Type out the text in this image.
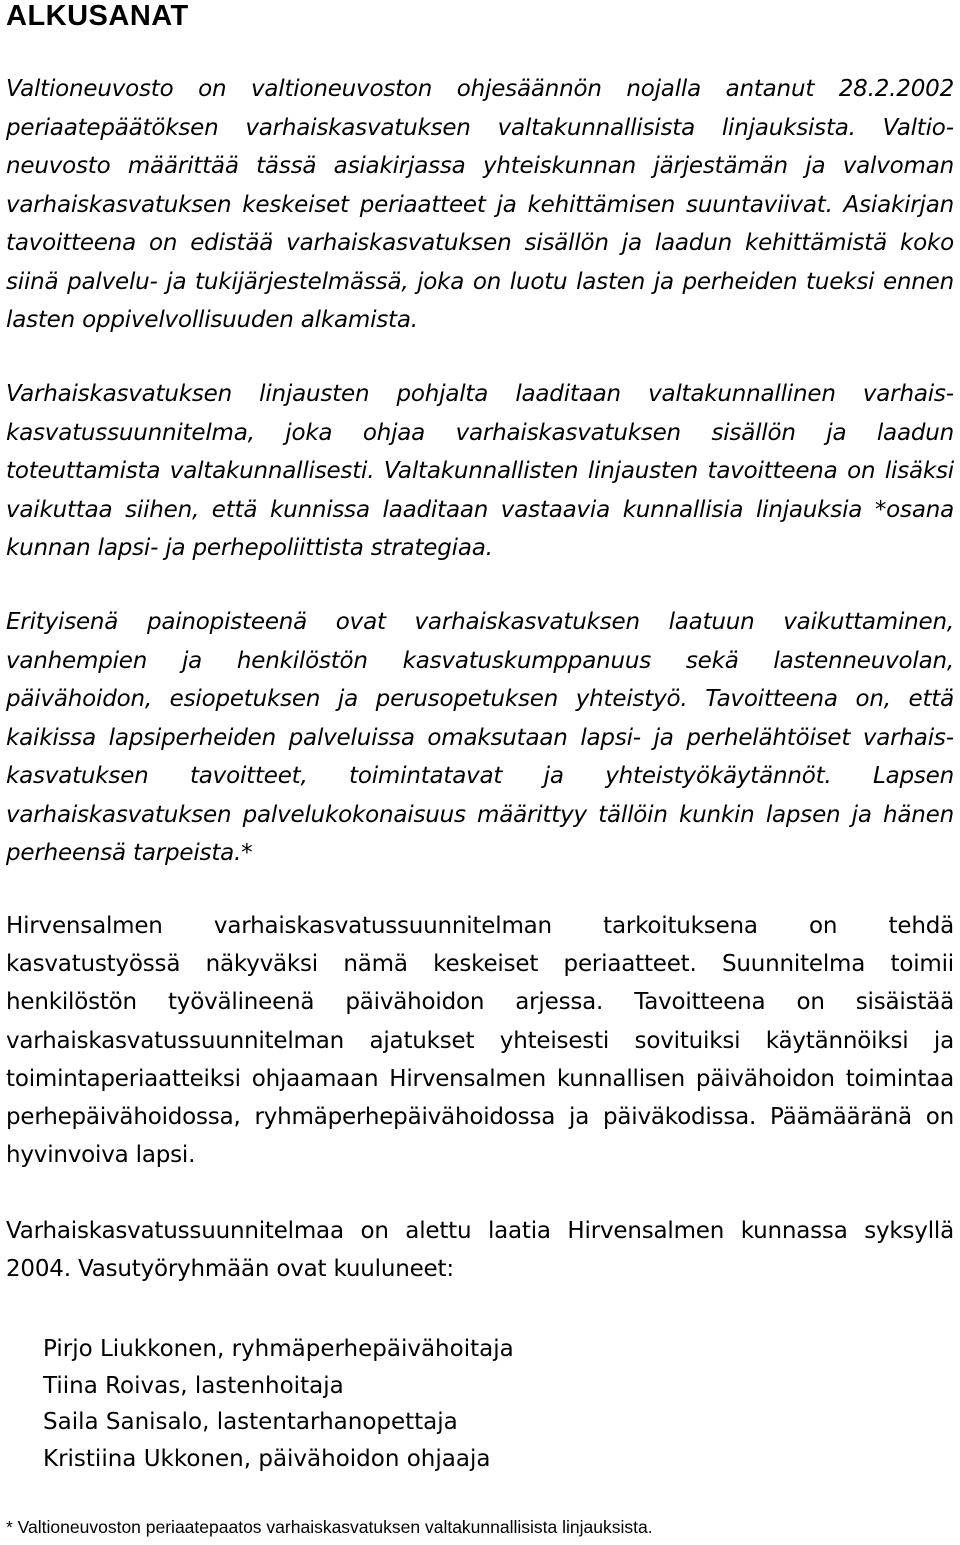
ALKUSANAT

Valtioneuvosto on valtioneuvoston ohjesäännön nojalla antanut 28.2.2002 periaatepäätöksen varhaiskasvatuksen valtakunnallisista linjauksista. Valtioneuvosto määrittää tässä asiakirjassa yhteiskunnan järjestämän ja valvoman varhaiskasvatuksen keskeiset periaatteet ja kehittämisen suuntaviivat. Asiakirjan tavoitteena on edistää varhaiskasvatuksen sisällön ja laadun kehittämistä koko siinä palvelu- ja tukijärjestelmässä, joka on luotu lasten ja perheiden tueksi ennen lasten oppivelvollisuuden alkamista.

Varhaiskasvatuksen linjausten pohjalta laaditaan valtakunnallinen varhaiskasvatussuunnitelma, joka ohjaa varhaiskasvatuksen sisällön ja laadun toteuttamista valtakunnallisesti. Valtakunnallisten linjausten tavoitteena on lisäksi vaikuttaa siihen, että kunnissa laaditaan vastaavia kunnallisia linjauksia *osana kunnan lapsi- ja perhepoliittista strategiaa.

Erityisenä painopisteenä ovat varhaiskasvatuksen laatuun vaikuttaminen, vanhempien ja henkilöstön kasvatuskumppanuus sekä lastenneuvolan, päivähoidon, esiopetuksen ja perusopetuksen yhteistyö. Tavoitteena on, että kaikissa lapsiperheiden palveluissa omaksutaan lapsi- ja perhelähtöiset varhaiskasvatuksen tavoitteet, toimintatavat ja yhteistyökäytännöt. Lapsen varhaiskasvatuksen palvelukokonaisuus määrittyy tällöin kunkin lapsen ja hänen perheensä tarpeista.*

Hirvensalmen varhaiskasvatussuunnitelman tarkoituksena on tehdä kasvatustyössä näkyväksi nämä keskeiset periaatteet. Suunnitelma toimii henkilöstön työvälineenä päivähoidon arjessa. Tavoitteena on sisäistää varhaiskasvatussuunnitelman ajatukset yhteisesti sovituiksi käytännöiksi ja toimintaperiaatteiksi ohjaamaan Hirvensalmen kunnallisen päivähoidon toimintaa perhepäivähoidossa, ryhmäperhepäivähoidossa ja päiväkodissa. Päämääränä on hyvinvoiva lapsi.

Varhaiskasvatussuunnitelmaa on alettu laatia Hirvensalmen kunnassa syksyllä 2004. Vasutyöryhmään ovat kuuluneet:

Pirjo Liukkonen, ryhmäperhepäivähoitaja
Tiina Roivas, lastenhoitaja
Saila Sanisalo, lastentarhanopettaja
Kristiina Ukkonen, päivähoidon ohjaaja

* Valtioneuvoston periaatepaatos varhaiskasvatuksen valtakunnallisista linjauksista.
